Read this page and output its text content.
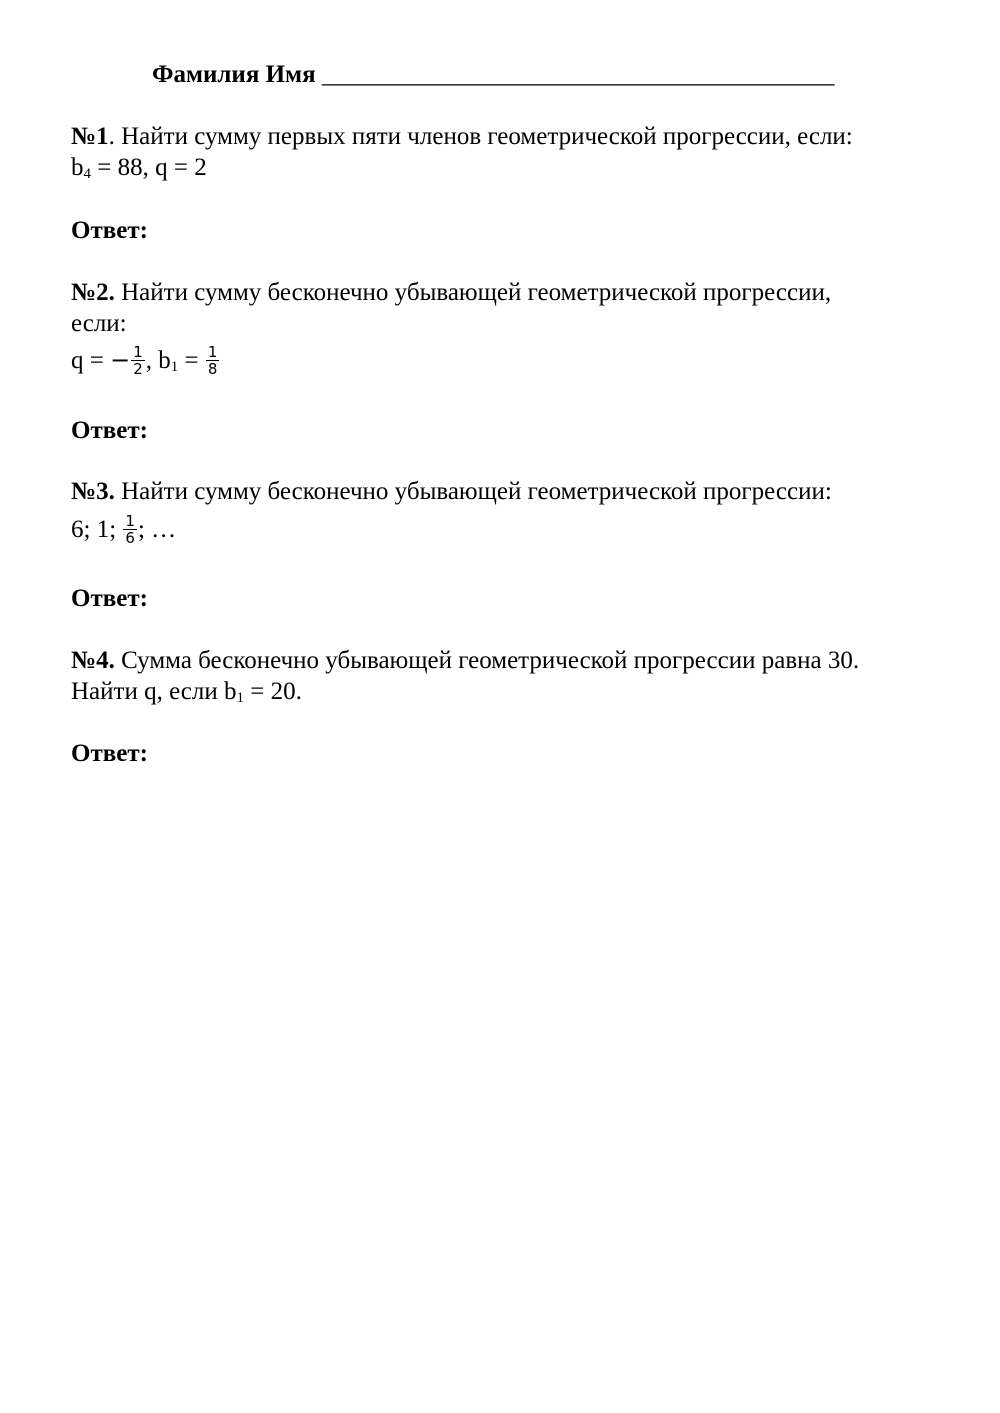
Фамилия Имя _________________________________________
№1. Найти сумму первых пяти членов геометрической прогрессии, если:
$b_4 = 88$, q = 2
Ответ:
№2. Найти сумму бесконечно убывающей геометрической прогрессии,
если:
q = − $\frac{1}{2}$ , $b_1 = \frac{1}{8}$
Ответ:
№3. Найти сумму бесконечно убывающей геометрической прогрессии:
6; 1; $\frac{1}{6}$ ; …
Ответ:
№4. Сумма бесконечно убывающей геометрической прогрессии равна 30.
Найти q, если $b_1 = 20$.
Ответ:
